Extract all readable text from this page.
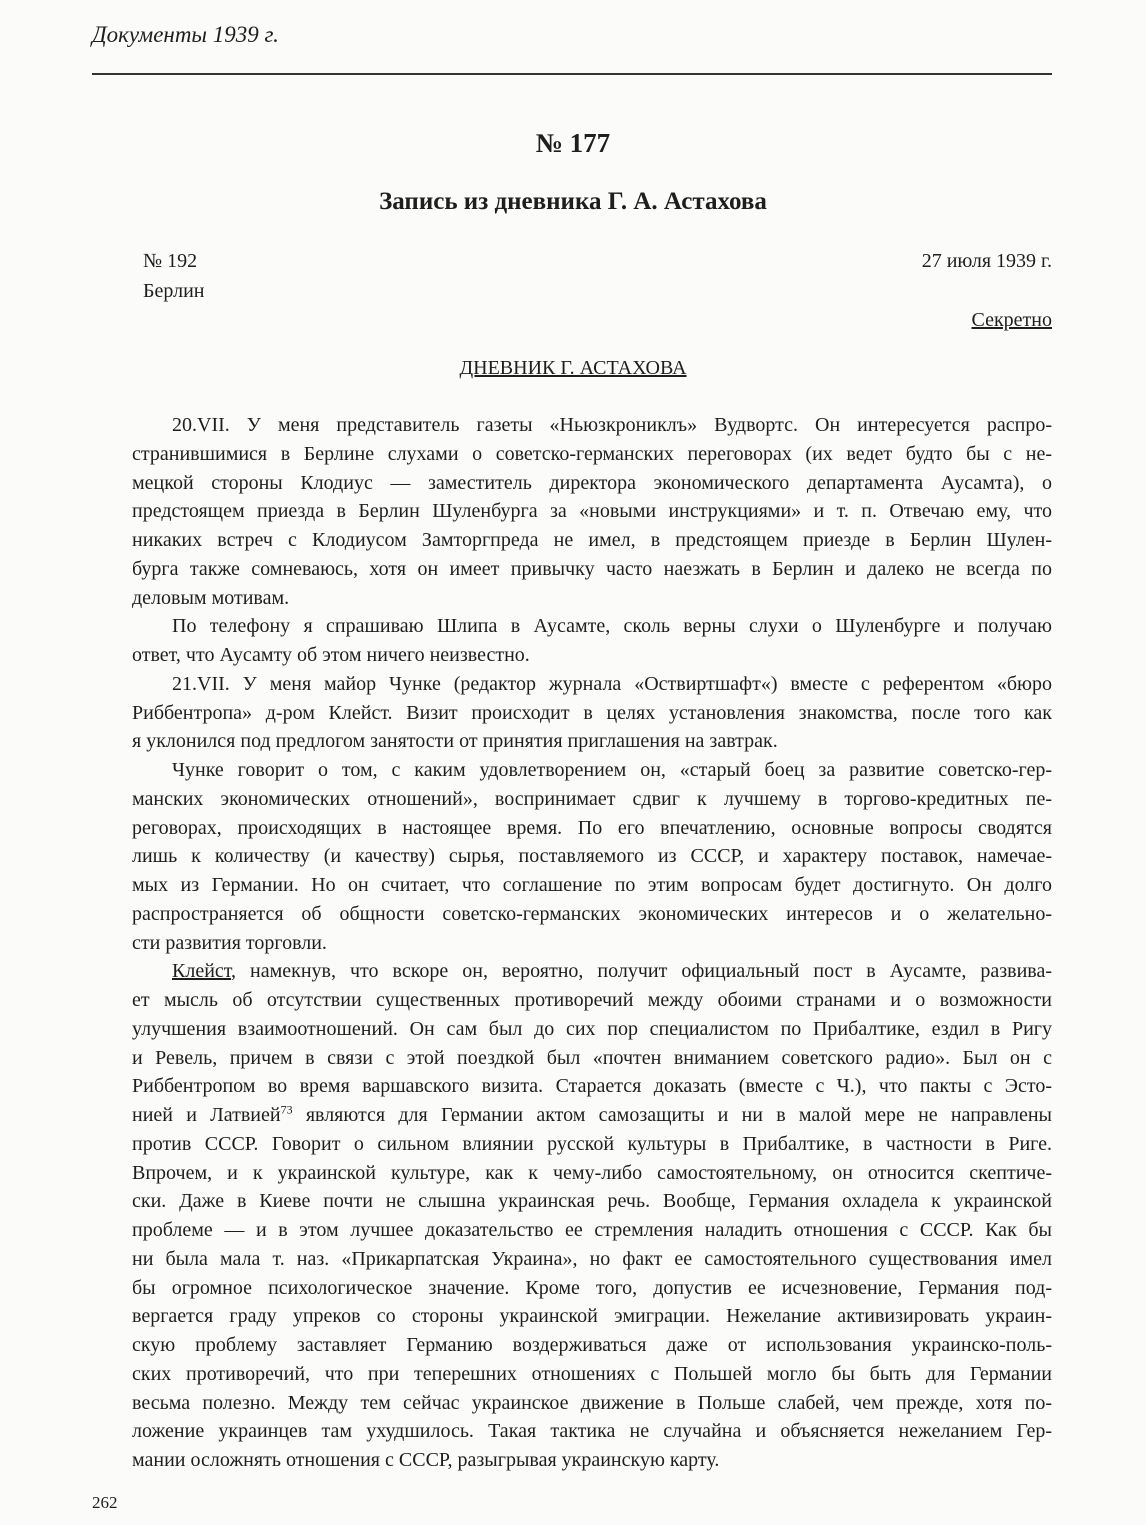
Документы 1939 г.
№ 177
Запись из дневника Г. А. Астахова
№ 192
Берлин
27 июля 1939 г.
Секретно
ДНЕВНИК Г. АСТАХОВА
20.VII. У меня представитель газеты «Ньюзкрониклъ» Вудвортс. Он интересуется распро-
странившимися в Берлине слухами о советско-германских переговорах (их ведет будто бы с не-
мецкой стороны Клодиус — заместитель директора экономического департамента Аусамта), о
предстоящем приезда в Берлин Шуленбурга за «новыми инструкциями» и т. п. Отвечаю ему, что
никаких встреч с Клодиусом Замторгпреда не имел, в предстоящем приезде в Берлин Шулен-
бурга также сомневаюсь, хотя он имеет привычку часто наезжать в Берлин и далеко не всегда по
деловым мотивам.
По телефону я спрашиваю Шлипа в Аусамте, сколь верны слухи о Шуленбурге и получаю
ответ, что Аусамту об этом ничего неизвестно.
21.VII. У меня майор Чунке (редактор журнала «Оствиртшафт«) вместе с референтом «бюро
Риббентропа» д-ром Клейст. Визит происходит в целях установления знакомства, после того как
я уклонился под предлогом занятости от принятия приглашения на завтрак.
Чунке говорит о том, с каким удовлетворением он, «старый боец за развитие советско-гер-
манских экономических отношений», воспринимает сдвиг к лучшему в торгово-кредитных пе-
реговорах, происходящих в настоящее время. По его впечатлению, основные вопросы сводятся
лишь к количеству (и качеству) сырья, поставляемого из СССР, и характеру поставок, намечае-
мых из Германии. Но он считает, что соглашение по этим вопросам будет достигнуто. Он долго
распространяется об общности советско-германских экономических интересов и о желательно-
сти развития торговли.
Клейст, намекнув, что вскоре он, вероятно, получит официальный пост в Аусамте, развива-
ет мысль об отсутствии существенных противоречий между обоими странами и о возможности
улучшения взаимоотношений. Он сам был до сих пор специалистом по Прибалтике, ездил в Ригу
и Ревель, причем в связи с этой поездкой был «почтен вниманием советского радио». Был он с
Риббентропом во время варшавского визита. Старается доказать (вместе с Ч.), что пакты с Эсто-
нией и Латвией$^{73}$ являются для Германии актом самозащиты и ни в малой мере не направлены
против СССР. Говорит о сильном влиянии русской культуры в Прибалтике, в частности в Риге.
Впрочем, и к украинской культуре, как к чему-либо самостоятельному, он относится скептиче-
ски. Даже в Киеве почти не слышна украинская речь. Вообще, Германия охладела к украинской
проблеме — и в этом лучшее доказательство ее стремления наладить отношения с СССР. Как бы
ни была мала т. наз. «Прикарпатская Украина», но факт ее самостоятельного существования имел
бы огромное психологическое значение. Кроме того, допустив ее исчезновение, Германия под-
вергается граду упреков со стороны украинской эмиграции. Нежелание активизировать украин-
скую проблему заставляет Германию воздерживаться даже от использования украинско-поль-
ских противоречий, что при теперешних отношениях с Польшей могло бы быть для Германии
весьма полезно. Между тем сейчас украинское движение в Польше слабей, чем прежде, хотя по-
ложение украинцев там ухудшилось. Такая тактика не случайна и объясняется нежеланием Гер-
мании осложнять отношения с СССР, разыгрывая украинскую карту.
262
